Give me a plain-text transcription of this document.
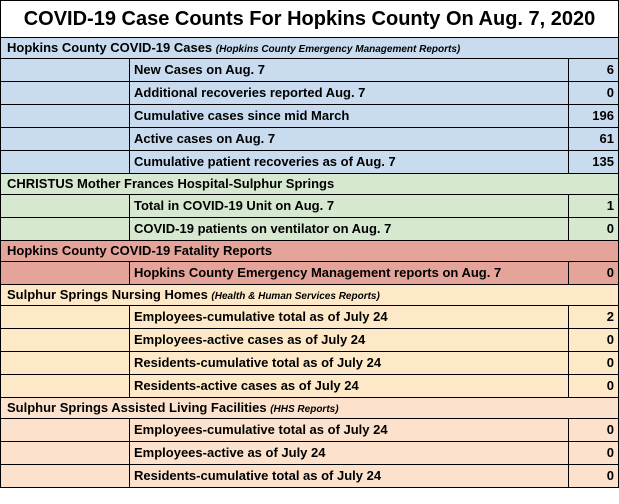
COVID-19 Case Counts For Hopkins County On Aug. 7, 2020
Hopkins County COVID-19 Cases (Hopkins County Emergency Management Reports)
New Cases on Aug. 7	6
Additional recoveries reported Aug. 7	0
Cumulative cases since mid March	196
Active cases on Aug. 7	61
Cumulative patient recoveries as of Aug. 7	135
CHRISTUS Mother Frances Hospital-Sulphur Springs
Total in COVID-19 Unit on Aug. 7	1
COVID-19 patients on ventilator on Aug. 7	0
Hopkins County COVID-19 Fatality Reports
Hopkins County Emergency Management reports on Aug. 7	0
Sulphur Springs Nursing Homes (Health & Human Services Reports)
Employees-cumulative total as of July 24	2
Employees-active cases as of July 24	0
Residents-cumulative total as of July 24	0
Residents-active cases as of July 24	0
Sulphur Springs Assisted Living Facilities (HHS Reports)
Employees-cumulative total as of July 24	0
Employees-active as of July 24	0
Residents-cumulative total as of July 24	0
